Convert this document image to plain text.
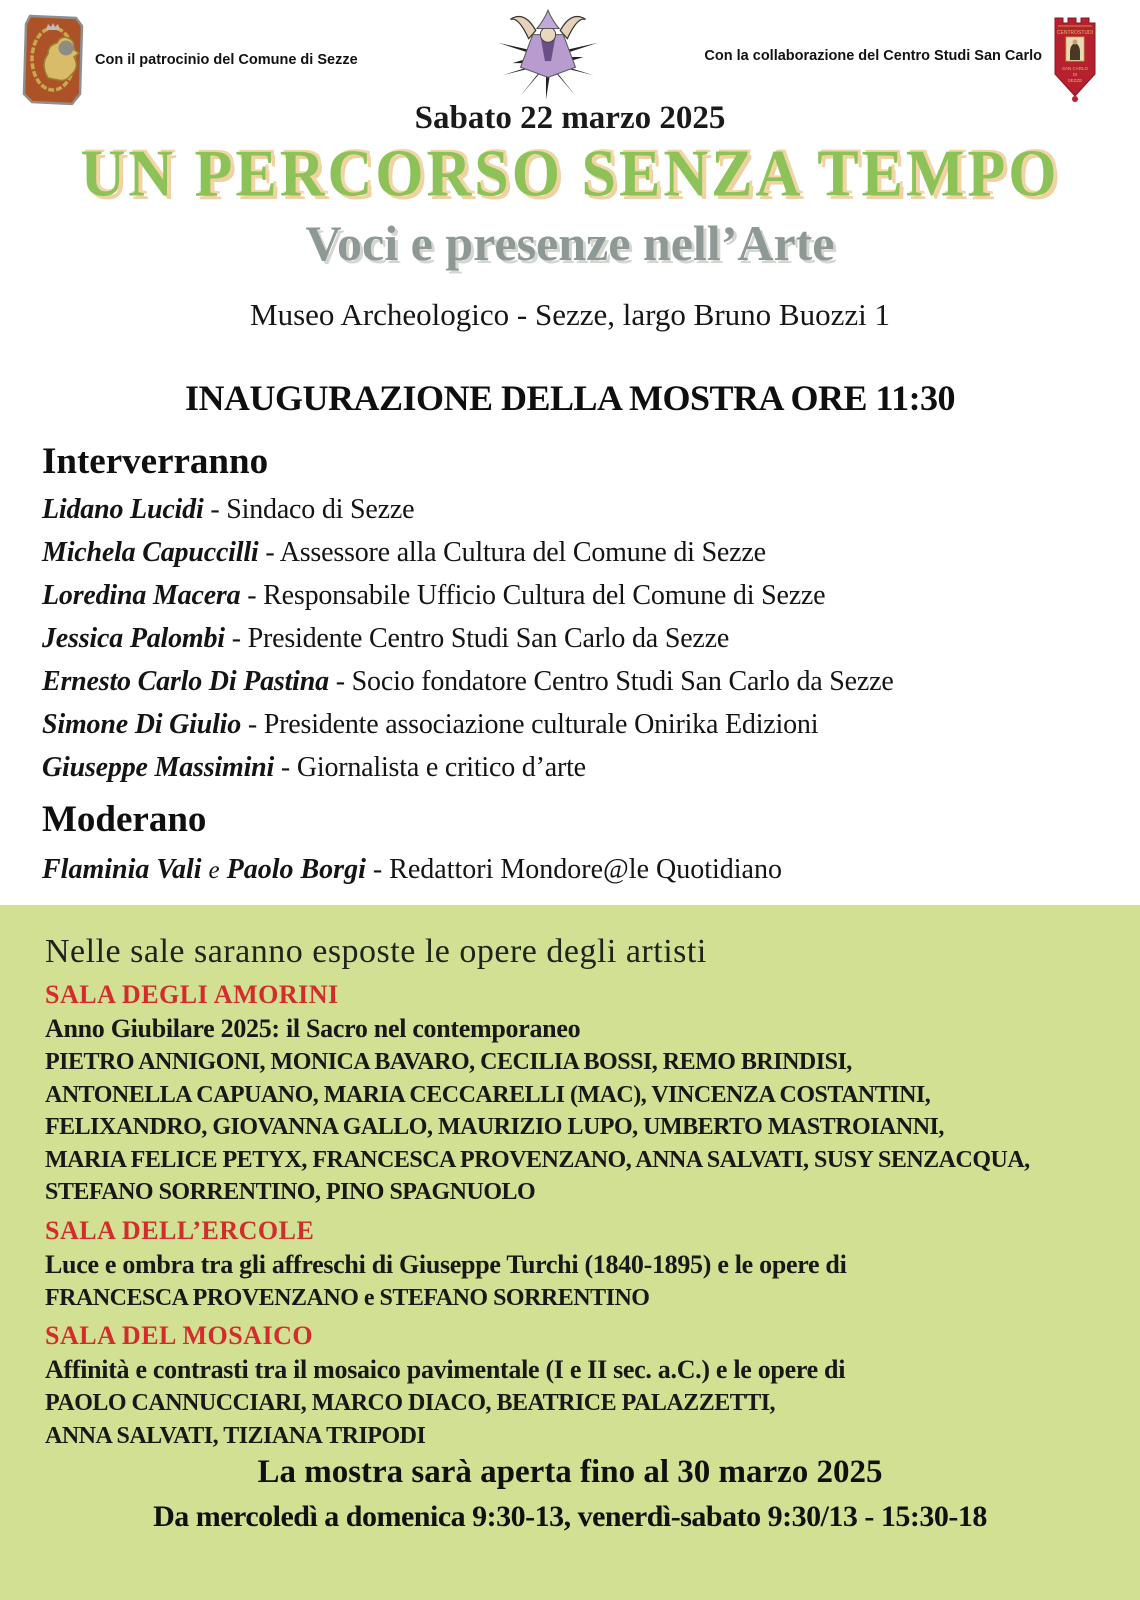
Con il patrocinio del Comune di Sezze	Con la collaborazione del Centro Studi San Carlo
CENTROSTUDI
SAN CARLO
DI
SEZZE
Sabato 22 marzo 2025
UN PERCORSO SENZA TEMPO
Voci e presenze nell’Arte
Museo Archeologico - Sezze, largo Bruno Buozzi 1
INAUGURAZIONE DELLA MOSTRA ORE 11:30
Interverranno
Lidano Lucidi - Sindaco di Sezze
Michela Capuccilli - Assessore alla Cultura del Comune di Sezze
Loredina Macera - Responsabile Ufficio Cultura del Comune di Sezze
Jessica Palombi - Presidente Centro Studi San Carlo da Sezze
Ernesto Carlo Di Pastina - Socio fondatore Centro Studi San Carlo da Sezze
Simone Di Giulio - Presidente associazione culturale Onirika Edizioni
Giuseppe Massimini - Giornalista e critico d’arte
Moderano
Flaminia Vali e Paolo Borgi - Redattori Mondore@le Quotidiano
Nelle sale saranno esposte le opere degli artisti
SALA DEGLI AMORINI
Anno Giubilare 2025: il Sacro nel contemporaneo
PIETRO ANNIGONI, MONICA BAVARO, CECILIA BOSSI, REMO BRINDISI,
ANTONELLA CAPUANO, MARIA CECCARELLI (MAC), VINCENZA COSTANTINI,
FELIXANDRO, GIOVANNA GALLO, MAURIZIO LUPO, UMBERTO MASTROIANNI,
MARIA FELICE PETYX, FRANCESCA PROVENZANO, ANNA SALVATI, SUSY SENZACQUA,
STEFANO SORRENTINO, PINO SPAGNUOLO
SALA DELL’ERCOLE
Luce e ombra tra gli affreschi di Giuseppe Turchi (1840-1895) e le opere di
FRANCESCA PROVENZANO e STEFANO SORRENTINO
SALA DEL MOSAICO
Affinità e contrasti tra il mosaico pavimentale (I e II sec. a.C.) e le opere di
PAOLO CANNUCCIARI, MARCO DIACO, BEATRICE PALAZZETTI,
ANNA SALVATI, TIZIANA TRIPODI
La mostra sarà aperta fino al 30 marzo 2025
Da mercoledì a domenica 9:30-13, venerdì-sabato 9:30/13 - 15:30-18
